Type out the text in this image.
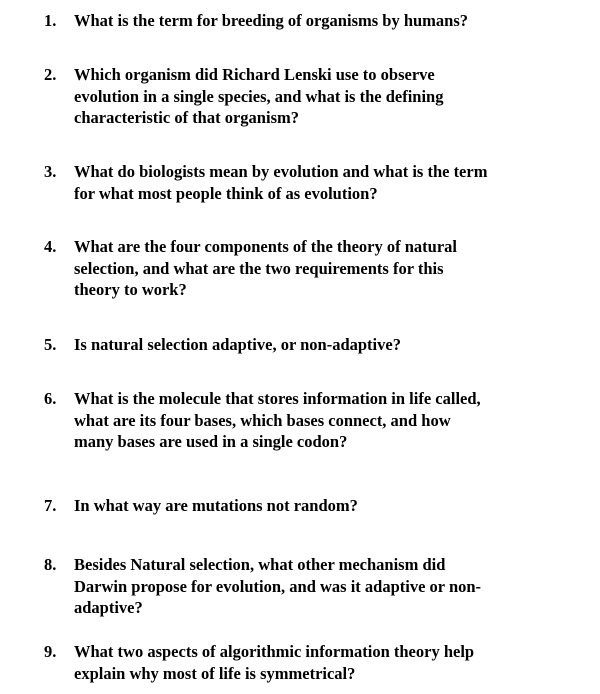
1. What is the term for breeding of organisms by humans?
2. Which organism did Richard Lenski use to observe
evolution in a single species, and what is the defining
characteristic of that organism?
3. What do biologists mean by evolution and what is the term
for what most people think of as evolution?
4. What are the four components of the theory of natural
selection, and what are the two requirements for this
theory to work?
5. Is natural selection adaptive, or non-adaptive?
6. What is the molecule that stores information in life called,
what are its four bases, which bases connect, and how
many bases are used in a single codon?
7. In what way are mutations not random?
8. Besides Natural selection, what other mechanism did
Darwin propose for evolution, and was it adaptive or non-
adaptive?
9. What two aspects of algorithmic information theory help
explain why most of life is symmetrical?
